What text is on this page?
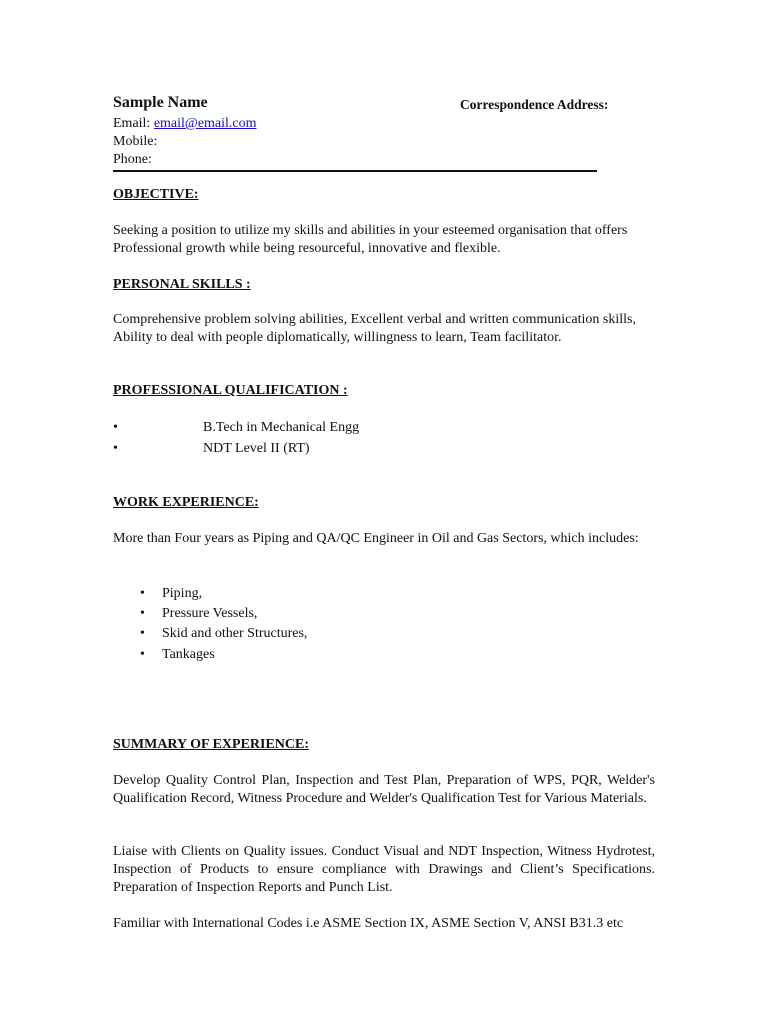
Sample Name	Correspondence Address:
Email: email@email.com
Mobile:
Phone:
OBJECTIVE:

Seeking a position to utilize my skills and abilities in your esteemed organisation that offers Professional growth while being resourceful, innovative and flexible.

PERSONAL SKILLS :

Comprehensive problem solving abilities, Excellent verbal and written communication skills, Ability to deal with people diplomatically, willingness to learn, Team facilitator.

PROFESSIONAL QUALIFICATION :
•	B.Tech in Mechanical Engg
•	NDT Level II (RT)
WORK EXPERIENCE:

More than Four years as Piping and QA/QC Engineer in Oil and Gas Sectors, which includes:

• Piping,
• Pressure Vessels,
• Skid and other Structures,
• Tankages
SUMMARY OF EXPERIENCE:

Develop Quality Control Plan, Inspection and Test Plan, Preparation of WPS, PQR, Welder's Qualification Record, Witness Procedure and Welder's Qualification Test for Various Materials.

Liaise with Clients on Quality issues. Conduct Visual and NDT Inspection, Witness Hydrotest, Inspection of Products to ensure compliance with Drawings and Client’s Specifications. Preparation of Inspection Reports and Punch List.

Familiar with International Codes i.e ASME Section IX, ASME Section V, ANSI B31.3 etc
